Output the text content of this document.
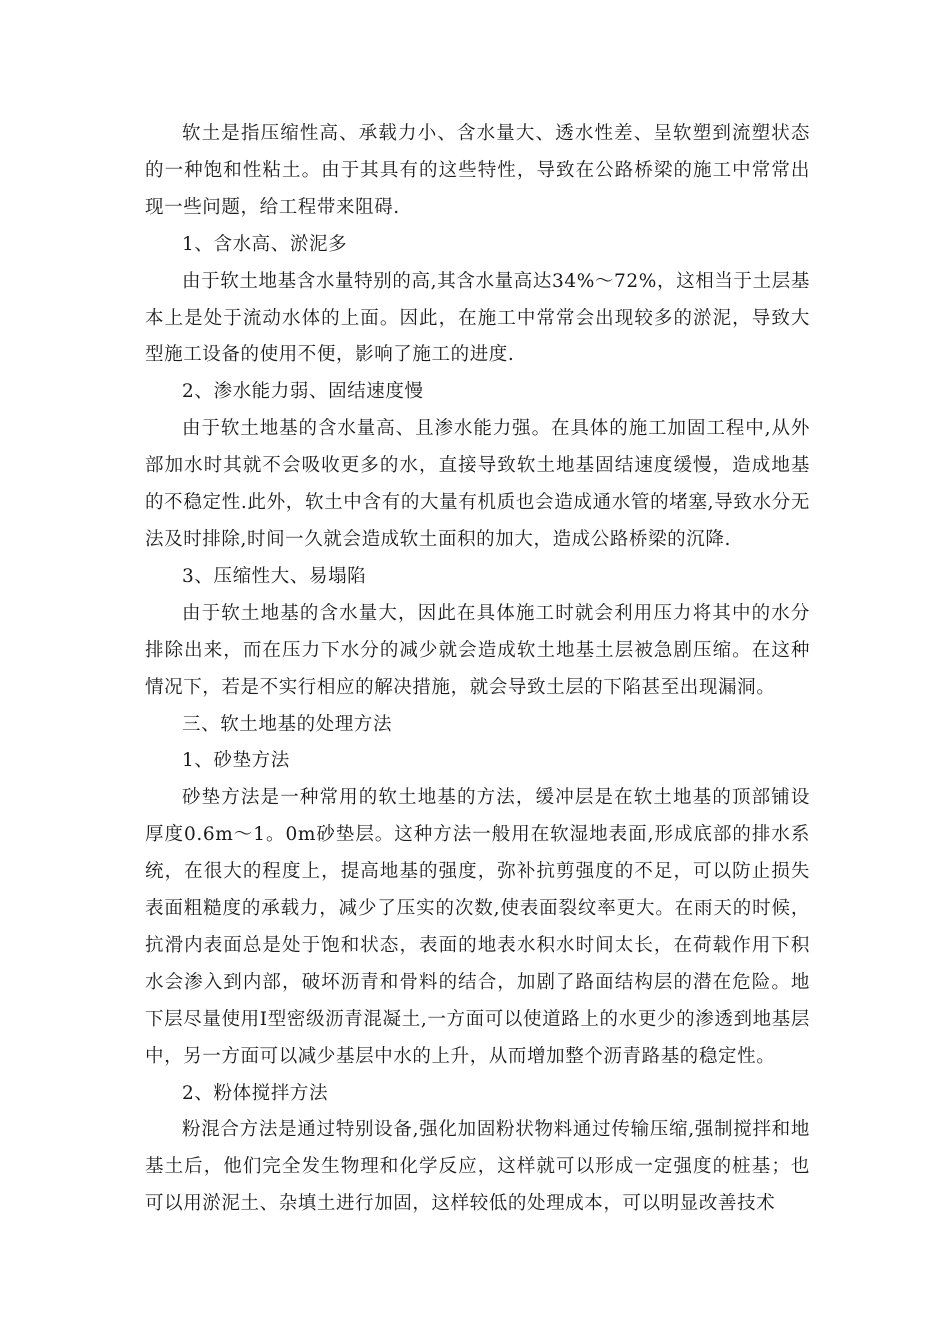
软土是指压缩性高、承载力小、含水量大、透水性差、呈软塑到流塑状态的一种饱和性粘土。由于其具有的这些特性，导致在公路桥梁的施工中常常出现一些问题，给工程带来阻碍.

1、含水高、淤泥多

由于软土地基含水量特别的高,其含水量高达34%～72%，这相当于土层基本上是处于流动水体的上面。因此，在施工中常常会出现较多的淤泥，导致大型施工设备的使用不便，影响了施工的进度.

2、渗水能力弱、固结速度慢

由于软土地基的含水量高、且渗水能力强。在具体的施工加固工程中,从外部加水时其就不会吸收更多的水，直接导致软土地基固结速度缓慢，造成地基的不稳定性.此外，软土中含有的大量有机质也会造成通水管的堵塞,导致水分无法及时排除,时间一久就会造成软土面积的加大，造成公路桥梁的沉降.

3、压缩性大、易塌陷

由于软土地基的含水量大，因此在具体施工时就会利用压力将其中的水分排除出来，而在压力下水分的减少就会造成软土地基土层被急剧压缩。在这种情况下，若是不实行相应的解决措施，就会导致土层的下陷甚至出现漏洞。

三、软土地基的处理方法

1、砂垫方法

砂垫方法是一种常用的软土地基的方法，缓冲层是在软土地基的顶部铺设厚度0.6m～1。0m砂垫层。这种方法一般用在软湿地表面,形成底部的排水系统，在很大的程度上，提高地基的强度，弥补抗剪强度的不足，可以防止损失表面粗糙度的承载力，减少了压实的次数,使表面裂纹率更大。在雨天的时候，抗滑内表面总是处于饱和状态，表面的地表水积水时间太长，在荷载作用下积水会渗入到内部，破坏沥青和骨料的结合，加剧了路面结构层的潜在危险。地下层尽量使用Ⅰ型密级沥青混凝土,一方面可以使道路上的水更少的渗透到地基层中，另一方面可以减少基层中水的上升，从而增加整个沥青路基的稳定性。

2、粉体搅拌方法

粉混合方法是通过特别设备,强化加固粉状物料通过传输压缩,强制搅拌和地基土后，他们完全发生物理和化学反应，这样就可以形成一定强度的桩基；也可以用淤泥土、杂填土进行加固，这样较低的处理成本，可以明显改善技术
